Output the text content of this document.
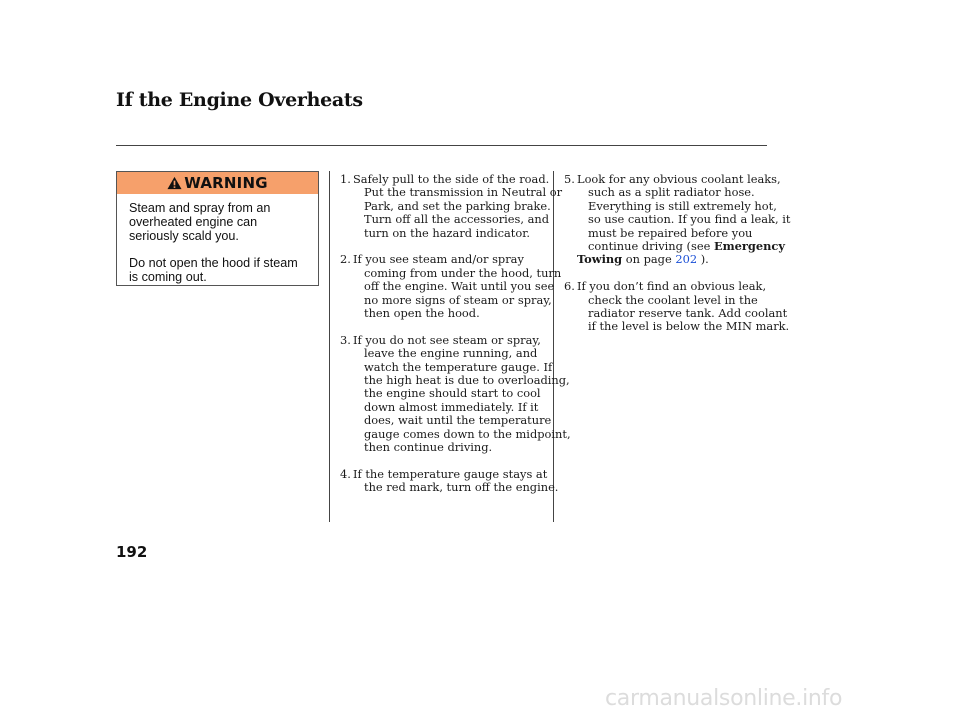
If the Engine Overheats
WARNING

Steam and spray from an
overheated engine can
seriously scald you.

Do not open the hood if steam
is coming out.

1. Safely pull to the side of the road.
Put the transmission in Neutral or
Park, and set the parking brake.
Turn off all the accessories, and
turn on the hazard indicator.
2. If you see steam and/or spray
coming from under the hood, turn
off the engine. Wait until you see
no more signs of steam or spray,
then open the hood.
3. If you do not see steam or spray,
leave the engine running, and
watch the temperature gauge. If
the high heat is due to overloading,
the engine should start to cool
down almost immediately. If it
does, wait until the temperature
gauge comes down to the midpoint,
then continue driving.
4. If the temperature gauge stays at
the red mark, turn off the engine.
5. Look for any obvious coolant leaks,
such as a split radiator hose.
Everything is still extremely hot,
so use caution. If you find a leak, it
must be repaired before you
continue driving (see Emergency
Towing on page 202 ).
6. If you don’t find an obvious leak,
check the coolant level in the
radiator reserve tank. Add coolant
if the level is below the MIN mark.
192
carmanualsonline.info
